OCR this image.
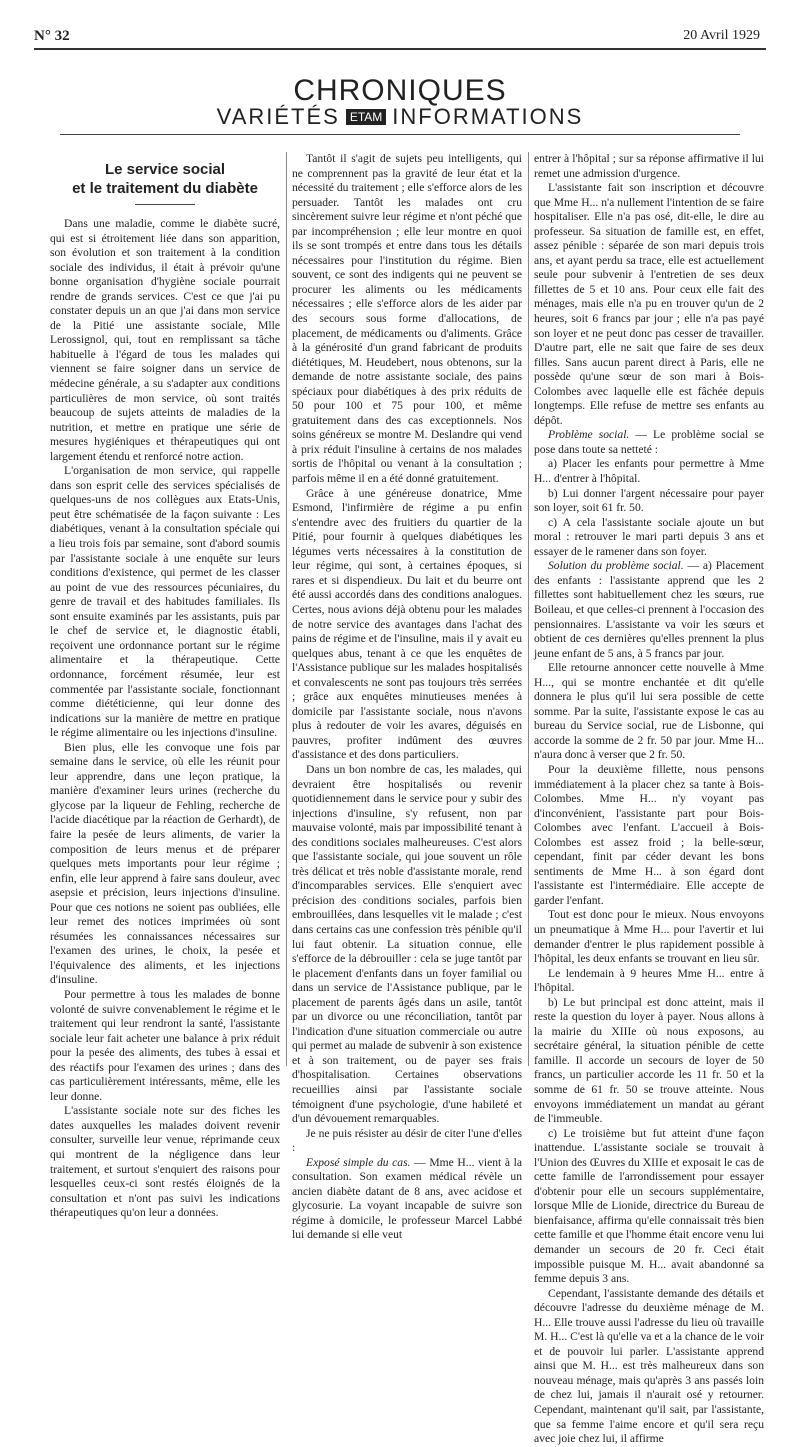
N° 32	20 Avril 1929
CHRONIQUES
VARIÉTÉS ETAM INFORMATIONS
Le service social
et le traitement du diabète

Dans une maladie, comme le diabète sucré, qui est si étroitement liée dans son apparition, son évolution et son traitement à la condition sociale des individus, il était à prévoir qu'une bonne organisation d'hygiène sociale pourrait rendre de grands services. C'est ce que j'ai pu constater depuis un an que j'ai dans mon service de la Pitié une assistante sociale, Mlle Lerossignol, qui, tout en remplissant sa tâche habituelle à l'égard de tous les malades qui viennent se faire soigner dans un service de médecine générale, a su s'adapter aux conditions particulières de mon service, où sont traités beaucoup de sujets atteints de maladies de la nutrition, et mettre en pratique une série de mesures hygiéniques et thérapeutiques qui ont largement étendu et renforcé notre action.

L'organisation de mon service, qui rappelle dans son esprit celle des services spécialisés de quelques-uns de nos collègues aux Etats-Unis, peut être schématisée de la façon suivante : Les diabétiques, venant à la consultation spéciale qui a lieu trois fois par semaine, sont d'abord soumis par l'assistante sociale à une enquête sur leurs conditions d'existence, qui permet de les classer au point de vue des ressources pécuniaires, du genre de travail et des habitudes familiales. Ils sont ensuite examinés par les assistants, puis par le chef de service et, le diagnostic établi, reçoivent une ordonnance portant sur le régime alimentaire et la thérapeutique. Cette ordonnance, forcément résumée, leur est commentée par l'assistante sociale, fonctionnant comme diététicienne, qui leur donne des indications sur la manière de mettre en pratique le régime alimentaire ou les injections d'insuline.

Bien plus, elle les convoque une fois par semaine dans le service, où elle les réunit pour leur apprendre, dans une leçon pratique, la manière d'examiner leurs urines (recherche du glycose par la liqueur de Fehling, recherche de l'acide diacétique par la réaction de Gerhardt), de faire la pesée de leurs aliments, de varier la composition de leurs menus et de préparer quelques mets importants pour leur régime ; enfin, elle leur apprend à faire sans douleur, avec asepsie et précision, leurs injections d'insuline. Pour que ces notions ne soient pas oubliées, elle leur remet des notices imprimées où sont résumées les connaissances nécessaires sur l'examen des urines, le choix, la pesée et l'équivalence des aliments, et les injections d'insuline.

Pour permettre à tous les malades de bonne volonté de suivre convenablement le régime et le traitement qui leur rendront la santé, l'assistante sociale leur fait acheter une balance à prix réduit pour la pesée des aliments, des tubes à essai et des réactifs pour l'examen des urines ; dans des cas particulièrement intéressants, même, elle les leur donne.

L'assistante sociale note sur des fiches les dates auxquelles les malades doivent revenir consulter, surveille leur venue, réprimande ceux qui montrent de la négligence dans leur traitement, et surtout s'enquiert des raisons pour lesquelles ceux-ci sont restés éloignés de la consultation et n'ont pas suivi les indications thérapeutiques qu'on leur a données.

Tantôt il s'agit de sujets peu intelligents, qui ne comprennent pas la gravité de leur état et la nécessité du traitement ; elle s'efforce alors de les persuader. Tantôt les malades ont cru sincèrement suivre leur régime et n'ont péché que par incompréhension ; elle leur montre en quoi ils se sont trompés et entre dans tous les détails nécessaires pour l'institution du régime. Bien souvent, ce sont des indigents qui ne peuvent se procurer les aliments ou les médicaments nécessaires ; elle s'efforce alors de les aider par des secours sous forme d'allocations, de placement, de médicaments ou d'aliments. Grâce à la générosité d'un grand fabricant de produits diététiques, M. Heudebert, nous obtenons, sur la demande de notre assistante sociale, des pains spéciaux pour diabétiques à des prix réduits de 50 pour 100 et 75 pour 100, et même gratuitement dans des cas exceptionnels. Nos soins généreux se montre M. Deslandre qui vend à prix réduit l'insuline à certains de nos malades sortis de l'hôpital ou venant à la consultation ; parfois même il en a été donné gratuitement.

Grâce à une généreuse donatrice, Mme Esmond, l'infirmière de régime a pu enfin s'entendre avec des fruitiers du quartier de la Pitié, pour fournir à quelques diabétiques les légumes verts nécessaires à la constitution de leur régime, qui sont, à certaines époques, si rares et si dispendieux. Du lait et du beurre ont été aussi accordés dans des conditions analogues. Certes, nous avions déjà obtenu pour les malades de notre service des avantages dans l'achat des pains de régime et de l'insuline, mais il y avait eu quelques abus, tenant à ce que les enquêtes de l'Assistance publique sur les malades hospitalisés et convalescents ne sont pas toujours très serrées ; grâce aux enquêtes minutieuses menées à domicile par l'assistante sociale, nous n'avons plus à redouter de voir les avares, déguisés en pauvres, profiter indûment des œuvres d'assistance et des dons particuliers.

Dans un bon nombre de cas, les malades, qui devraient être hospitalisés ou revenir quotidiennement dans le service pour y subir des injections d'insuline, s'y refusent, non par mauvaise volonté, mais par impossibilité tenant à des conditions sociales malheureuses. C'est alors que l'assistante sociale, qui joue souvent un rôle très délicat et très noble d'assistante morale, rend d'incomparables services. Elle s'enquiert avec précision des conditions sociales, parfois bien embrouillées, dans lesquelles vit le malade ; c'est dans certains cas une confession très pénible qu'il lui faut obtenir. La situation connue, elle s'efforce de la débrouiller : cela se juge tantôt par le placement d'enfants dans un foyer familial ou dans un service de l'Assistance publique, par le placement de parents âgés dans un asile, tantôt par un divorce ou une réconciliation, tantôt par l'indication d'une situation commerciale ou autre qui permet au malade de subvenir à son existence et à son traitement, ou de payer ses frais d'hospitalisation. Certaines observations recueillies ainsi par l'assistante sociale témoignent d'une psychologie, d'une habileté et d'un dévouement remarquables.

Je ne puis résister au désir de citer l'une d'elles :

Exposé simple du cas. — Mme H... vient à la consultation. Son examen médical révèle un ancien diabète datant de 8 ans, avec acidose et glycosurie. La voyant incapable de suivre son régime à domicile, le professeur Marcel Labbé lui demande si elle veut

entrer à l'hôpital ; sur sa réponse affirmative il lui remet une admission d'urgence.

L'assistante fait son inscription et découvre que Mme H... n'a nullement l'intention de se faire hospitaliser. Elle n'a pas osé, dit-elle, le dire au professeur. Sa situation de famille est, en effet, assez pénible : séparée de son mari depuis trois ans, et ayant perdu sa trace, elle est actuellement seule pour subvenir à l'entretien de ses deux fillettes de 5 et 10 ans. Pour ceux elle fait des ménages, mais elle n'a pu en trouver qu'un de 2 heures, soit 6 francs par jour ; elle n'a pas payé son loyer et ne peut donc pas cesser de travailler. D'autre part, elle ne sait que faire de ses deux filles. Sans aucun parent direct à Paris, elle ne possède qu'une sœur de son mari à Bois-Colombes avec laquelle elle est fâchée depuis longtemps. Elle refuse de mettre ses enfants au dépôt.

Problème social. — Le problème social se pose dans toute sa netteté :

a) Placer les enfants pour permettre à Mme H... d'entrer à l'hôpital.

b) Lui donner l'argent nécessaire pour payer son loyer, soit 61 fr. 50.

c) A cela l'assistante sociale ajoute un but moral : retrouver le mari parti depuis 3 ans et essayer de le ramener dans son foyer.

Solution du problème social. — a) Placement des enfants : l'assistante apprend que les 2 fillettes sont habituellement chez les sœurs, rue Boileau, et que celles-ci prennent à l'occasion des pensionnaires. L'assistante va voir les sœurs et obtient de ces dernières qu'elles prennent la plus jeune enfant de 5 ans, à 5 francs par jour.

Elle retourne annoncer cette nouvelle à Mme H..., qui se montre enchantée et dit qu'elle donnera le plus qu'il lui sera possible de cette somme. Par la suite, l'assistante expose le cas au bureau du Service social, rue de Lisbonne, qui accorde la somme de 2 fr. 50 par jour. Mme H... n'aura donc à verser que 2 fr. 50.

Pour la deuxième fillette, nous pensons immédiatement à la placer chez sa tante à Bois-Colombes. Mme H... n'y voyant pas d'inconvénient, l'assistante part pour Bois-Colombes avec l'enfant. L'accueil à Bois-Colombes est assez froid ; la belle-sœur, cependant, finit par céder devant les bons sentiments de Mme H... à son égard dont l'assistante est l'intermédiaire. Elle accepte de garder l'enfant.

Tout est donc pour le mieux. Nous envoyons un pneumatique à Mme H... pour l'avertir et lui demander d'entrer le plus rapidement possible à l'hôpital, les deux enfants se trouvant en lieu sûr.

Le lendemain à 9 heures Mme H... entre à l'hôpital.

b) Le but principal est donc atteint, mais il reste la question du loyer à payer. Nous allons à la mairie du XIIIe où nous exposons, au secrétaire général, la situation pénible de cette famille. Il accorde un secours de loyer de 50 francs, un particulier accorde les 11 fr. 50 et la somme de 61 fr. 50 se trouve atteinte. Nous envoyons immédiatement un mandat au gérant de l'immeuble.

c) Le troisième but fut atteint d'une façon inattendue. L'assistante sociale se trouvait à l'Union des Œuvres du XIIIe et exposait le cas de cette famille de l'arrondissement pour essayer d'obtenir pour elle un secours supplémentaire, lorsque Mlle de Lionide, directrice du Bureau de bienfaisance, affirma qu'elle connaissait très bien cette famille et que l'homme était encore venu lui demander un secours de 20 fr. Ceci était impossible puisque M. H... avait abandonné sa femme depuis 3 ans.

Cependant, l'assistante demande des détails et découvre l'adresse du deuxième ménage de M. H... Elle trouve aussi l'adresse du lieu où travaille M. H... C'est là qu'elle va et a la chance de le voir et de pouvoir lui parler. L'assistante apprend ainsi que M. H... est très malheureux dans son nouveau ménage, mais qu'après 3 ans passés loin de chez lui, jamais il n'aurait osé y retourner. Cependant, maintenant qu'il sait, par l'assistante, que sa femme l'aime encore et qu'il sera reçu avec joie chez lui, il affirme
